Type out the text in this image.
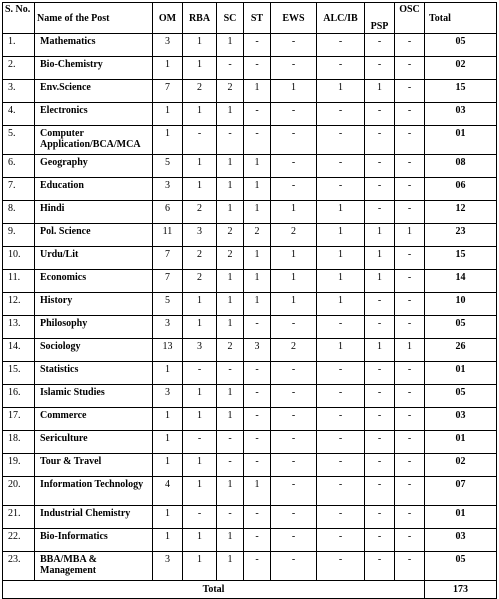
S. No.	Name of the Post	OM	RBA	SC	ST	EWS	ALC/IB	PSP	OSC	Total
1.	Mathematics	3	1	1	-	-	-	-	-	05
2.	Bio-Chemistry	1	1	-	-	-	-	-	-	02
3.	Env.Science	7	2	2	1	1	1	1	-	15
4.	Electronics	1	1	1	-	-	-	-	-	03
5.	Computer Application/BCA/MCA	1	-	-	-	-	-	-	-	01
6.	Geography	5	1	1	1	-	-	-	-	08
7.	Education	3	1	1	1	-	-	-	-	06
8.	Hindi	6	2	1	1	1	1	-	-	12
9.	Pol. Science	11	3	2	2	2	1	1	1	23
10.	Urdu/Lit	7	2	2	1	1	1	1	-	15
11.	Economics	7	2	1	1	1	1	1	-	14
12.	History	5	1	1	1	1	1	-	-	10
13.	Philosophy	3	1	1	-	-	-	-	-	05
14.	Sociology	13	3	2	3	2	1	1	1	26
15.	Statistics	1	-	-	-	-	-	-	-	01
16.	Islamic Studies	3	1	1	-	-	-	-	-	05
17.	Commerce	1	1	1	-	-	-	-	-	03
18.	Sericulture	1	-	-	-	-	-	-	-	01
19.	Tour & Travel	1	1	-	-	-	-	-	-	02
20.	Information Technology	4	1	1	1	-	-	-	-	07
21.	Industrial Chemistry	1	-	-	-	-	-	-	-	01
22.	Bio-Informatics	1	1	1	-	-	-	-	-	03
23.	BBA/MBA & Management	3	1	1	-	-	-	-	-	05
Total										173
